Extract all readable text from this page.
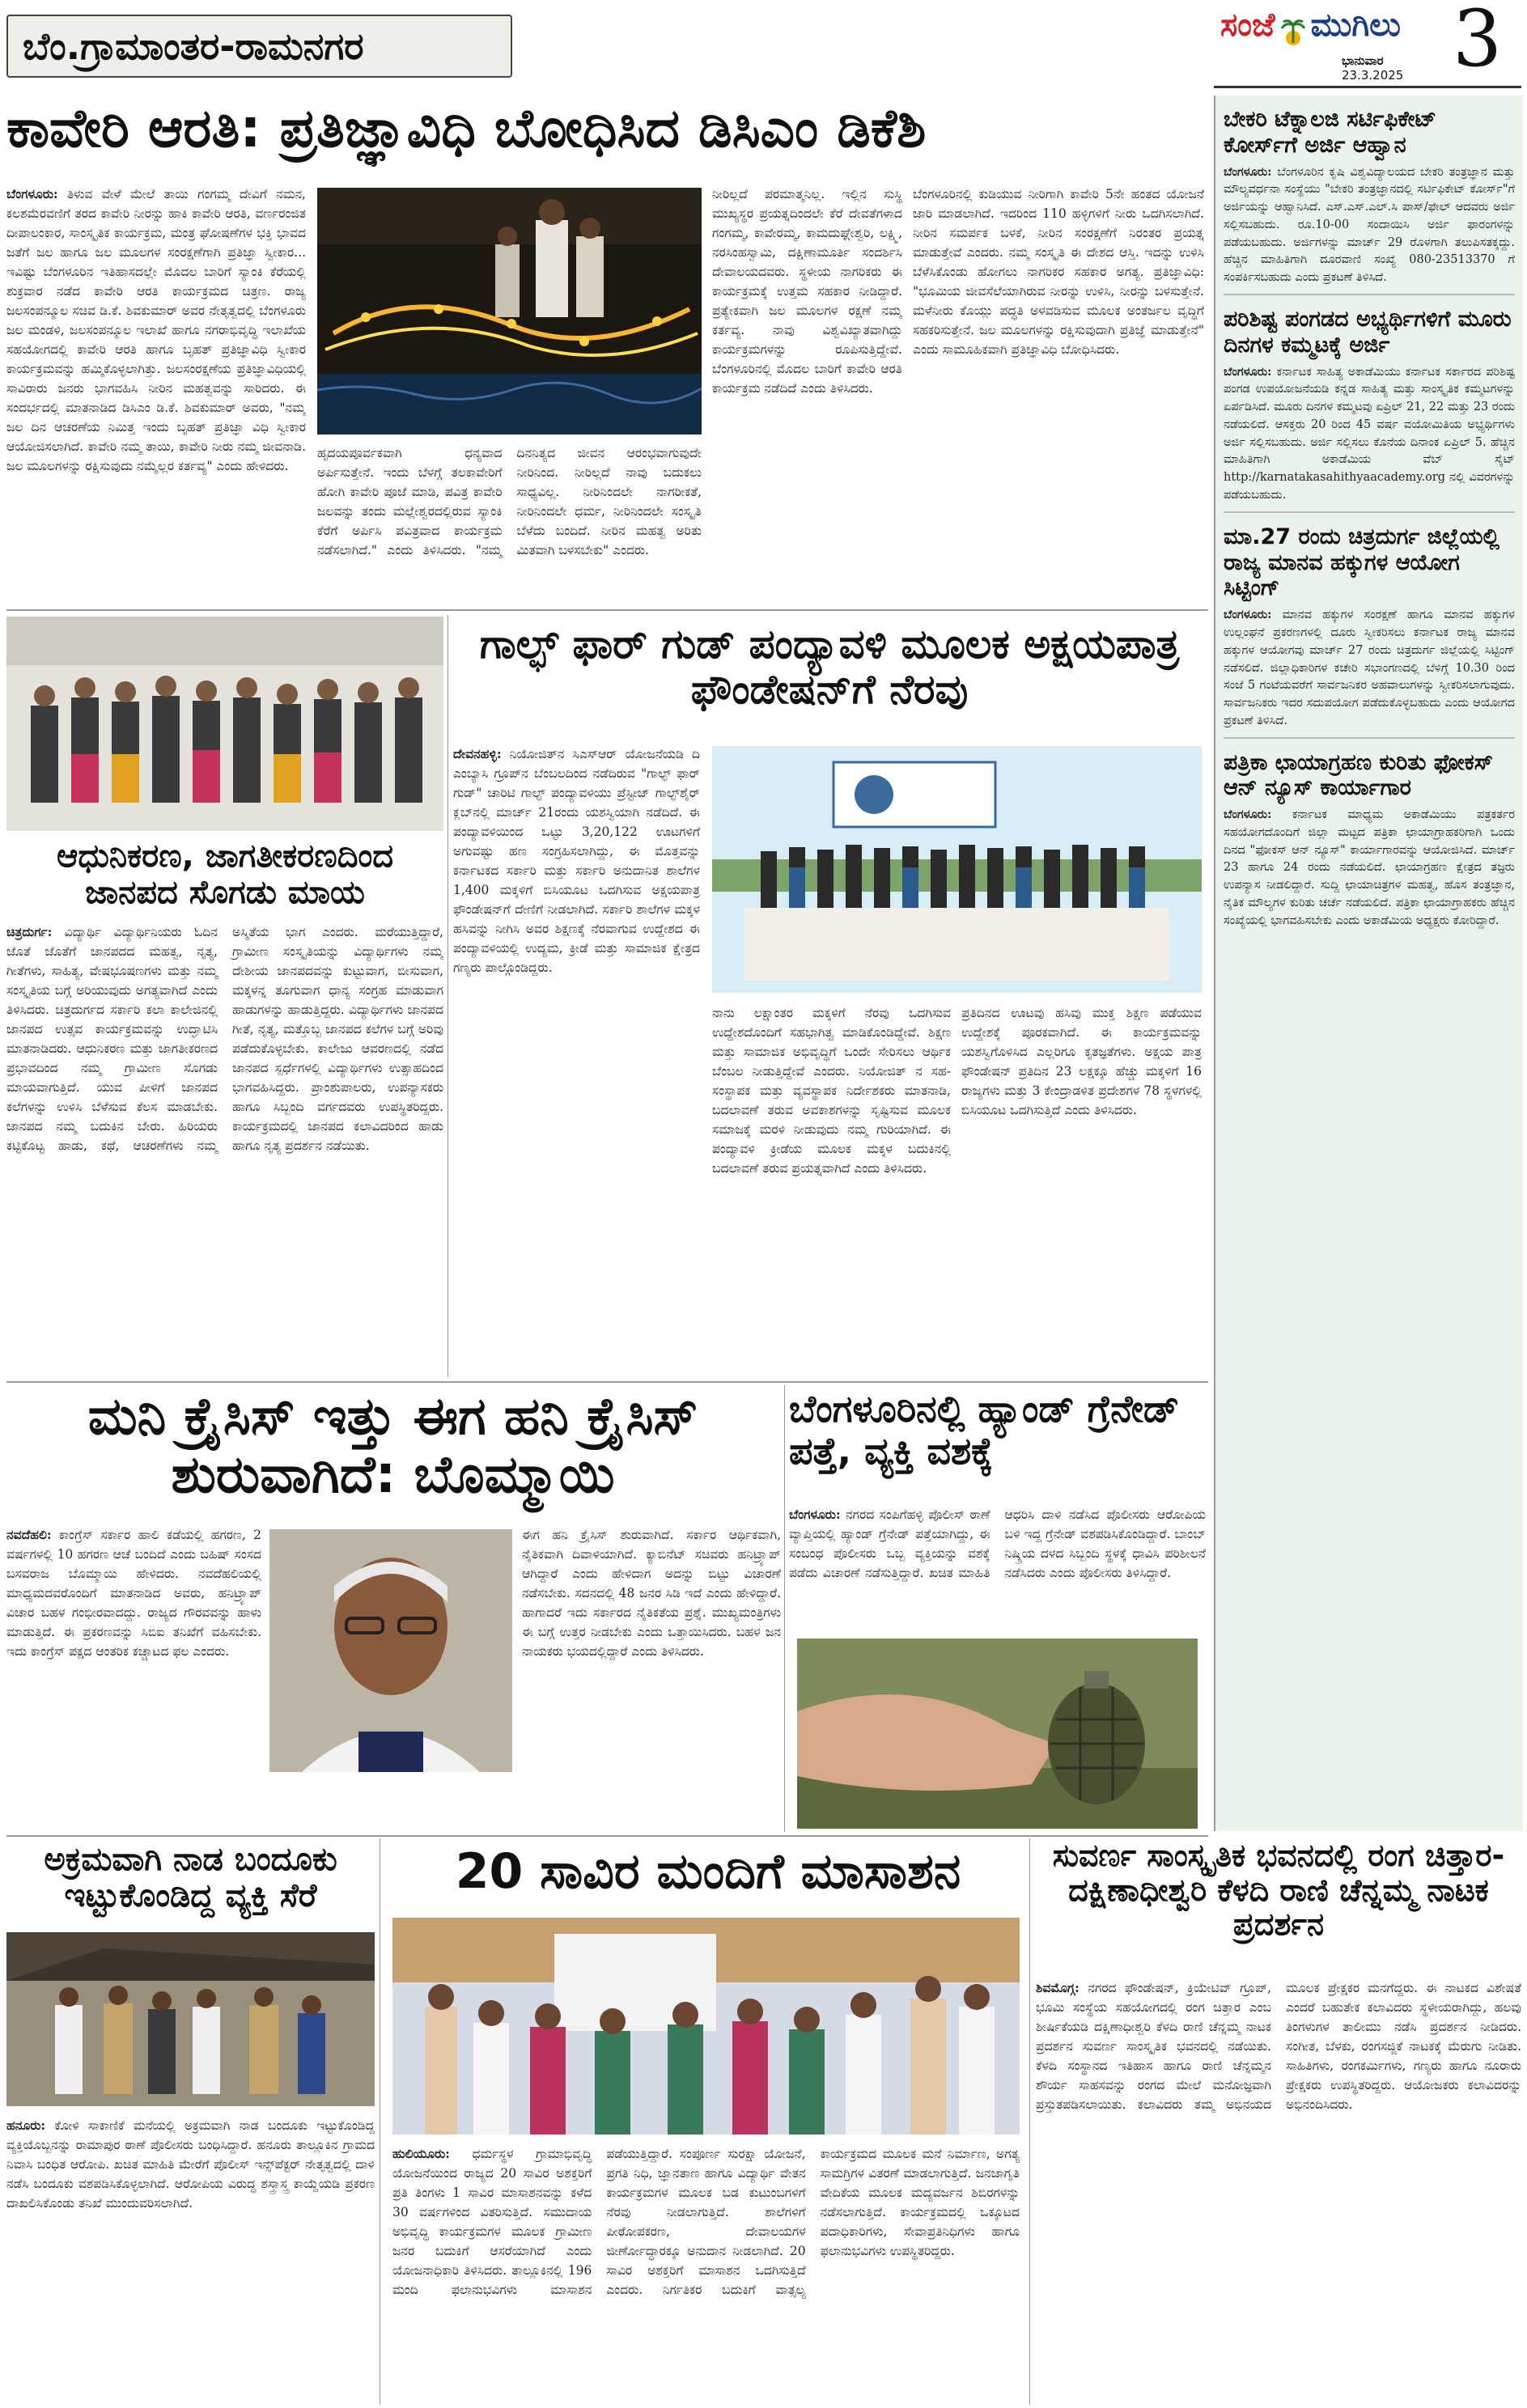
ಬೆಂ.ಗ್ರಾಮಾಂತರ-ರಾಮನಗರ	ಸಂಜೆ ಮುಗಿಲು
ಭಾನುವಾರ
23.3.2025 3
ಕಾವೇರಿ ಆರತಿ: ಪ್ರತಿಜ್ಞಾವಿಧಿ ಬೋಧಿಸಿದ ಡಿಸಿಎಂ ಡಿಕೆಶಿ
ಬೆಂಗಳೂರು: ತಿಳುವ ವೇಳೆ ಮೇಲೆ ತಾಯಿ ಗಂಗಮ್ಮ ದೇವಿಗೆ ನಮನ, ಕಲಶಮೆರವಣಿಗೆ ತರದ ಕಾವೇರಿ ನೀರನ್ನು ಹಾಕಿ ಕಾವೇರಿ ಆರತಿ, ವರ್ಣರಂಜಿತ ದೀಪಾಲಂಕಾರ, ಸಾಂಸ್ಕೃತಿಕ ಕಾರ್ಯಕ್ರಮ, ಮಂತ್ರ ಘೋಷಣೆಗಳ ಭಕ್ತಿ ಭಾವದ ಜತೆಗೆ ಜಲ ಹಾಗೂ ಜಲ ಮೂಲಗಳ ಸಂರಕ್ಷಣೆಗಾಗಿ ಪ್ರತಿಜ್ಞಾ ಸ್ವೀಕಾರ... ಇವಿಷ್ಟು ಬೆಂಗಳೂರಿನ ಇತಿಹಾಸದಲ್ಲೇ ಮೊದಲ ಬಾರಿಗೆ ಸ್ಯಾಂಕಿ ಕೆರೆಯಲ್ಲಿ ಶುಕ್ರವಾರ ನಡೆದ ಕಾವೇರಿ ಆರತಿ ಕಾರ್ಯಕ್ರಮದ ಚಿತ್ರಣ. ರಾಜ್ಯ ಜಲಸಂಪನ್ಮೂಲ ಸಚಿವ ಡಿ.ಕೆ. ಶಿವಕುಮಾರ್ ಅವರ ನೇತೃತ್ವದಲ್ಲಿ ಬೆಂಗಳೂರು ಜಲ ಮಂಡಳಿ, ಜಲಸಂಪನ್ಮೂಲ ಇಲಾಖೆ ಹಾಗೂ ನಗರಾಭಿವೃದ್ಧಿ ಇಲಾಖೆಯ ಸಹಯೋಗದಲ್ಲಿ ಕಾವೇರಿ ಆರತಿ ಹಾಗೂ ಬೃಹತ್ ಪ್ರತಿಜ್ಞಾವಿಧಿ ಸ್ವೀಕಾರ ಕಾರ್ಯಕ್ರಮವನ್ನು ಹಮ್ಮಿಕೊಳ್ಳಲಾಗಿತ್ತು. ಜಲಸಂರಕ್ಷಣೆಯ ಪ್ರತಿಜ್ಞಾವಿಧಿಯಲ್ಲಿ ಸಾವಿರಾರು ಜನರು ಭಾಗವಹಿಸಿ ನೀರಿನ ಮಹತ್ವವನ್ನು ಸಾರಿದರು. ಈ ಸಂದರ್ಭದಲ್ಲಿ ಮಾತನಾಡಿದ ಡಿಸಿಎಂ ಡಿ.ಕೆ. ಶಿವಕುಮಾರ್ ಅವರು, "ನಮ್ಮ ಜಲ ದಿನ ಆಚರಣೆಯ ನಿಮಿತ್ತ ಇಂದು ಬೃಹತ್ ಪ್ರತಿಜ್ಞಾ ವಿಧಿ ಸ್ವೀಕಾರ ಆಯೋಜಿಸಲಾಗಿದೆ. ಕಾವೇರಿ ನಮ್ಮ ತಾಯಿ, ಕಾವೇರಿ ನೀರು ನಮ್ಮ ಜೀವನಾಡಿ. ಜಲ ಮೂಲಗಳನ್ನು ರಕ್ಷಿಸುವುದು ನಮ್ಮೆಲ್ಲರ ಕರ್ತವ್ಯ" ಎಂದು ಹೇಳಿದರು.
ಹೃದಯಪೂರ್ವಕವಾಗಿ ಧನ್ಯವಾದ ಅರ್ಪಿಸುತ್ತೇನೆ. ಇಂದು ಬೆಳಗ್ಗೆ ತಲಕಾವೇರಿಗೆ ಹೋಗಿ ಕಾವೇರಿ ಪೂಜೆ ಮಾಡಿ, ಪವಿತ್ರ ಕಾವೇರಿ ಜಲವನ್ನು ತಂದು ಮಲ್ಲೇಶ್ವರದಲ್ಲಿರುವ ಸ್ಯಾಂಕಿ ಕೆರೆಗೆ ಅರ್ಪಿಸಿ ಪವಿತ್ರವಾದ ಕಾರ್ಯಕ್ರಮ ನಡೆಸಲಾಗಿದೆ." ಎಂದು ತಿಳಿಸಿದರು. "ನಮ್ಮ ದಿನನಿತ್ಯದ ಜೀವನ ಆರಂಭವಾಗುವುದೇ ನೀರಿನಿಂದ. ನೀರಿಲ್ಲದೆ ನಾವು ಬದುಕಲು ಸಾಧ್ಯವಿಲ್ಲ. ನೀರಿನಿಂದಲೇ ನಾಗರೀಕತೆ, ನೀರಿನಿಂದಲೇ ಧರ್ಮ, ನೀರಿನಿಂದಲೇ ಸಂಸ್ಕೃತಿ ಬೆಳೆದು ಬಂದಿದೆ. ನೀರಿನ ಮಹತ್ವ ಅರಿತು ಮಿತವಾಗಿ ಬಳಸಬೇಕು" ಎಂದರು.
ನೀರಿಲ್ಲದೆ ಪರಮಾತ್ಮನಿಲ್ಲ. ಇಲ್ಲಿನ ಸುಸ್ಥಿ ಮುಖ್ಯಸ್ಥರ ಪ್ರಯತ್ನದಿಂದಲೇ ಕೆರೆ ದೇವತೆಗಳಾದ ಗಂಗಮ್ಮ, ಕಾವೇರಮ್ಮ, ಕಾಮದುಘ್ಗೇಶ್ವರಿ, ಲಕ್ಷ್ಮಿ, ನರಸಿಂಹಸ್ವಾಮಿ, ದಕ್ಷಿಣಾಮೂರ್ತಿ ಸಂದರ್ಶಿಸಿ ದೇವಾಲಯದವರು. ಸ್ಥಳೀಯ ನಾಗರಿಕರು ಈ ಕಾರ್ಯಕ್ರಮಕ್ಕೆ ಉತ್ತಮ ಸಹಕಾರ ನೀಡಿದ್ದಾರೆ. ಪ್ರತ್ಯೇಕವಾಗಿ ಜಲ ಮೂಲಗಳ ರಕ್ಷಣೆ ನಮ್ಮ ಕರ್ತವ್ಯ. ನಾವು ವಿಶ್ವವಿಖ್ಯಾತವಾಗಿದ್ದು ಕಾರ್ಯಕ್ರಮಗಳನ್ನು ರೂಪಿಸುತ್ತಿದ್ದೇವೆ. ಬೆಂಗಳೂರಿನಲ್ಲಿ ಮೊದಲ ಬಾರಿಗೆ ಕಾವೇರಿ ಆರತಿ ಕಾರ್ಯಕ್ರಮ ನಡೆದಿದೆ ಎಂದು ತಿಳಿಸಿದರು.
ಬೆಂಗಳೂರಿನಲ್ಲಿ ಕುಡಿಯುವ ನೀರಿಗಾಗಿ ಕಾವೇರಿ 5ನೇ ಹಂತದ ಯೋಜನೆ ಜಾರಿ ಮಾಡಲಾಗಿದೆ. ಇದರಿಂದ 110 ಹಳ್ಳಿಗಳಿಗೆ ನೀರು ಒದಗಿಸಲಾಗಿದೆ. ನೀರಿನ ಸಮರ್ಪಕ ಬಳಕೆ, ನೀರಿನ ಸಂರಕ್ಷಣೆಗೆ ನಿರಂತರ ಪ್ರಯತ್ನ ಮಾಡುತ್ತೇವೆ ಎಂದರು. ನಮ್ಮ ಸಂಸ್ಕೃತಿ ಈ ದೇಶದ ಆಸ್ತಿ. ಇದನ್ನು ಉಳಿಸಿ ಬೆಳೆಸಿಕೊಂಡು ಹೋಗಲು ನಾಗರಿಕರ ಸಹಕಾರ ಅಗತ್ಯ. ಪ್ರತಿಜ್ಞಾವಿಧಿ: "ಭೂಮಿಯ ಜೀವಸೆಲೆಯಾಗಿರುವ ನೀರನ್ನು ಉಳಿಸಿ, ನೀರನ್ನು ಬಳಸುತ್ತೇನೆ. ಮಳೆನೀರು ಕೊಯ್ಲು ಪದ್ಧತಿ ಅಳವಡಿಸುವ ಮೂಲಕ ಅಂತರ್ಜಲ ವೃದ್ಧಿಗೆ ಸಹಕರಿಸುತ್ತೇನೆ. ಜಲ ಮೂಲಗಳನ್ನು ರಕ್ಷಿಸುವುದಾಗಿ ಪ್ರತಿಜ್ಞೆ ಮಾಡುತ್ತೇನೆ" ಎಂದು ಸಾಮೂಹಿಕವಾಗಿ ಪ್ರತಿಜ್ಞಾವಿಧಿ ಬೋಧಿಸಿದರು.
ಆಧುನಿಕರಣ, ಜಾಗತೀಕರಣದಿಂದ ಜಾನಪದ ಸೊಗಡು ಮಾಯ
ಚಿತ್ರದುರ್ಗ: ವಿದ್ಯಾರ್ಥಿ ವಿದ್ಯಾರ್ಥಿನಿಯರು ಓದಿನ ಜೊತೆ ಜೊತೆಗೆ ಜಾನಪದದ ಮಹತ್ವ, ನೃತ್ಯ, ಗೀತೆಗಳು, ಸಾಹಿತ್ಯ, ವೇಷಭೂಷಣಗಳು ಮತ್ತು ನಮ್ಮ ಸಂಸ್ಕೃತಿಯ ಬಗ್ಗೆ ಅರಿಯುವುದು ಅಗತ್ಯವಾಗಿದೆ ಎಂದು ತಿಳಿಸಿದರು. ಚಿತ್ರದುರ್ಗದ ಸರ್ಕಾರಿ ಕಲಾ ಕಾಲೇಜಿನಲ್ಲಿ ಜಾನಪದ ಉತ್ಸವ ಕಾರ್ಯಕ್ರಮವನ್ನು ಉದ್ಘಾಟಿಸಿ ಮಾತನಾಡಿದರು. ಆಧುನಿಕರಣ ಮತ್ತು ಜಾಗತೀಕರಣದ ಪ್ರಭಾವದಿಂದ ನಮ್ಮ ಗ್ರಾಮೀಣ ಸೊಗಡು ಮಾಯವಾಗುತ್ತಿದೆ. ಯುವ ಪೀಳಿಗೆ ಜಾನಪದ ಕಲೆಗಳನ್ನು ಉಳಿಸಿ ಬೆಳೆಸುವ ಕೆಲಸ ಮಾಡಬೇಕು. ಜಾನಪದ ನಮ್ಮ ಬದುಕಿನ ಬೇರು. ಹಿರಿಯರು ಕಟ್ಟಿಕೊಟ್ಟ ಹಾಡು, ಕಥೆ, ಆಚರಣೆಗಳು ನಮ್ಮ ಅಸ್ಮಿತೆಯ ಭಾಗ ಎಂದರು. ಮರೆಯುತ್ತಿದ್ದಾರೆ, ಗ್ರಾಮೀಣ ಸಂಸ್ಕೃತಿಯನ್ನು ವಿದ್ಯಾರ್ಥಿಗಳು ನಮ್ಮ ದೇಶೀಯ ಜಾನಪದವನ್ನು ಕುಟ್ಟುವಾಗ, ಬೀಸುವಾಗ, ಮಕ್ಕಳನ್ನ ತೂಗುವಾಗ ಧಾನ್ಯ ಸಂಗ್ರಹ ಮಾಡುವಾಗ ಹಾಡುಗಳನ್ನು ಹಾಡುತ್ತಿದ್ದರು. ವಿದ್ಯಾರ್ಥಿಗಳು ಜಾನಪದ ಗೀತೆ, ನೃತ್ಯ, ಮತ್ತೊಬ್ಬ ಜಾನಪದ ಕಲೆಗಳ ಬಗ್ಗೆ ಅರಿವು ಪಡೆದುಕೊಳ್ಳಬೇಕು. ಕಾಲೇಜು ಆವರಣದಲ್ಲಿ ನಡೆದ ಜಾನಪದ ಸ್ಪರ್ಧೆಗಳಲ್ಲಿ ವಿದ್ಯಾರ್ಥಿಗಳು ಉತ್ಸಾಹದಿಂದ ಭಾಗವಹಿಸಿದ್ದರು. ಪ್ರಾಂಶುಪಾಲರು, ಉಪನ್ಯಾಸಕರು ಹಾಗೂ ಸಿಬ್ಬಂದಿ ವರ್ಗದವರು ಉಪಸ್ಥಿತರಿದ್ದರು. ಕಾರ್ಯಕ್ರಮದಲ್ಲಿ ಜಾನಪದ ಕಲಾವಿದರಿಂದ ಹಾಡು ಹಾಗೂ ನೃತ್ಯ ಪ್ರದರ್ಶನ ನಡೆಯಿತು.
ಗಾಲ್ಫ್ ಫಾರ್ ಗುಡ್ ಪಂದ್ಯಾವಳಿ ಮೂಲಕ ಅಕ್ಷಯಪಾತ್ರ ಫೌಂಡೇಷನ್‌ಗೆ ನೆರವು
ದೇವನಹಳ್ಳಿ: ನಿಯೋಜಿತ್‌ನ ಸಿಎಸ್‌ಆರ್ ಯೋಜನೆಯಡಿ ದಿ ಎಂಬ್ಯಾಸಿ ಗ್ರೂಪ್‌ನ ಬೆಂಬಲದಿಂದ ನಡೆದಿರುವ "ಗಾಲ್ಫ್ ಫಾರ್ ಗುಡ್" ಚಾರಿಟಿ ಗಾಲ್ಫ್ ಪಂದ್ಯಾವಳಿಯು ಪ್ರೆಸ್ಟೀಜ್ ಗಾಲ್ಫ್‌ಶೈರ್ ಕ್ಲಬ್‌ನಲ್ಲಿ ಮಾರ್ಚ್ 21ರಂದು ಯಶಸ್ವಿಯಾಗಿ ನಡೆದಿದೆ. ಈ ಪಂದ್ಯಾವಳಿಯಿಂದ ಒಟ್ಟು 3,20,122 ಊಟಗಳಿಗೆ ಅಗುವಷ್ಟು ಹಣ ಸಂಗ್ರಹಿಸಲಾಗಿದ್ದು, ಈ ಮೊತ್ತವನ್ನು ಕರ್ನಾಟಕದ ಸರ್ಕಾರಿ ಮತ್ತು ಸರ್ಕಾರಿ ಅನುದಾನಿತ ಶಾಲೆಗಳ 1,400 ಮಕ್ಕಳಿಗೆ ಬಿಸಿಯೂಟ ಒದಗಿಸುವ ಅಕ್ಷಯಪಾತ್ರ ಫೌಂಡೇಷನ್‌ಗೆ ದೇಣಿಗೆ ನೀಡಲಾಗಿದೆ. ಸರ್ಕಾರಿ ಶಾಲೆಗಳ ಮಕ್ಕಳ ಹಸಿವನ್ನು ನೀಗಿಸಿ ಅವರ ಶಿಕ್ಷಣಕ್ಕೆ ನೆರವಾಗುವ ಉದ್ದೇಶದ ಈ ಪಂದ್ಯಾವಳಿಯಲ್ಲಿ ಉದ್ಯಮ, ಕ್ರೀಡೆ ಮತ್ತು ಸಾಮಾಜಿಕ ಕ್ಷೇತ್ರದ ಗಣ್ಯರು ಪಾಲ್ಗೊಂಡಿದ್ದರು.
ನಾನು ಲಕ್ಷಾಂತರ ಮಕ್ಕಳಿಗೆ ನೆರವು ಒದಗಿಸುವ ಉದ್ದೇಶದೊಂದಿಗೆ ಸಹಭಾಗಿತ್ವ ಮಾಡಿಕೊಂಡಿದ್ದೇವೆ. ಶಿಕ್ಷಣ ಮತ್ತು ಸಾಮಾಜಿಕ ಅಭಿವೃದ್ಧಿಗೆ ಒಂದೇ ಸೇರಿಸಲು ಆರ್ಥಿಕ ಬೆಂಬಲ ನೀಡುತ್ತಿದ್ದೇವೆ ಎಂದರು. ನಿಯೋಜಿತ್ ನ ಸಹ-ಸಂಸ್ಥಾಪಕ ಮತ್ತು ವ್ಯವಸ್ಥಾಪಕ ನಿರ್ದೇಶಕರು ಮಾತನಾಡಿ, ಬದಲಾವಣೆ ತರುವ ಅವಕಾಶಗಳನ್ನು ಸೃಷ್ಟಿಸುವ ಮೂಲಕ ಸಮಾಜಕ್ಕೆ ಮರಳಿ ನೀಡುವುದು ನಮ್ಮ ಗುರಿಯಾಗಿದೆ. ಈ ಪಂದ್ಯಾವಳಿ ಕ್ರೀಡೆಯ ಮೂಲಕ ಮಕ್ಕಳ ಬದುಕಿನಲ್ಲಿ ಬದಲಾವಣೆ ತರುವ ಪ್ರಯತ್ನವಾಗಿದೆ ಎಂದು ತಿಳಿಸಿದರು.
ಪ್ರತಿದಿನದ ಊಟವು ಹಸಿವು ಮುಕ್ತ ಶಿಕ್ಷಣ ಪಡೆಯುವ ಉದ್ದೇಶಕ್ಕೆ ಪೂರಕವಾಗಿದೆ. ಈ ಕಾರ್ಯಕ್ರಮವನ್ನು ಯಶಸ್ವಿಗೊಳಿಸಿದ ಎಲ್ಲರಿಗೂ ಕೃತಜ್ಞತೆಗಳು. ಅಕ್ಷಯ ಪಾತ್ರ ಫೌಂಡೇಷನ್ ಪ್ರತಿದಿನ 23 ಲಕ್ಷಕ್ಕೂ ಹೆಚ್ಚು ಮಕ್ಕಳಿಗೆ 16 ರಾಜ್ಯಗಳು ಮತ್ತು 3 ಕೇಂದ್ರಾಡಳಿತ ಪ್ರದೇಶಗಳ 78 ಸ್ಥಳಗಳಲ್ಲಿ ಬಿಸಿಯೂಟ ಒದಗಿಸುತ್ತಿದೆ ಎಂದು ತಿಳಿಸಿದರು.
ಮನಿ ಕ್ರೈಸಿಸ್ ಇತ್ತು ಈಗ ಹನಿ ಕ್ರೈಸಿಸ್ ಶುರುವಾಗಿದೆ: ಬೊಮ್ಮಾಯಿ
ನವದೆಹಲಿ: ಕಾಂಗ್ರೆಸ್ ಸರ್ಕಾರ ಹಾಲಿ ಕಡೆಯಲ್ಲಿ ಹಗರಣ, 2 ವರ್ಷಗಳಲ್ಲಿ 10 ಹಗರಣ ಆಚೆ ಬಂದಿದೆ ಎಂದು ಬಹಿಷ್ ಸಂಸದ ಬಸವರಾಜ ಬೊಮ್ಮಾಯಿ ಹೇಳಿದರು. ನವದೆಹಲಿಯಲ್ಲಿ ಮಾಧ್ಯಮದವರೊಂದಿಗೆ ಮಾತನಾಡಿದ ಅವರು, ಹನಿಟ್ರ್ಯಾಪ್ ವಿಚಾರ ಬಹಳ ಗಂಭೀರವಾದದ್ದು. ರಾಜ್ಯದ ಗೌರವವನ್ನು ಹಾಳು ಮಾಡುತ್ತಿದೆ. ಈ ಪ್ರಕರಣವನ್ನು ಸಿಬಿಐ ತನಿಖೆಗೆ ವಹಿಸಬೇಕು. ಇದು ಕಾಂಗ್ರೆಸ್ ಪಕ್ಷದ ಆಂತರಿಕ ಕಚ್ಚಾಟದ ಫಲ ಎಂದರು.
ಈಗ ಹನಿ ಕ್ರೈಸಿಸ್ ಶುರುವಾಗಿದೆ. ಸರ್ಕಾರ ಆರ್ಥಿಕವಾಗಿ, ನೈತಿಕವಾಗಿ ದಿವಾಳಿಯಾಗಿದೆ. ಕ್ಯಾಬಿನೆಟ್ ಸಚಿವರು ಹನಿಟ್ರ್ಯಾಪ್ ಆಗಿದ್ದಾರೆ ಎಂದು ಹೇಳಿದಾಗ ಅದನ್ನು ಬಿಟ್ಟು ವಿಚಾರಣೆ ನಡೆಸಬೇಕು. ಸದನದಲ್ಲಿ 48 ಜನರ ಸಿಡಿ ಇದೆ ಎಂದು ಹೇಳಿದ್ದಾರೆ. ಹಾಗಾದರೆ ಇದು ಸರ್ಕಾರದ ನೈತಿಕತೆಯ ಪ್ರಶ್ನೆ. ಮುಖ್ಯಮಂತ್ರಿಗಳು ಈ ಬಗ್ಗೆ ಉತ್ತರ ನೀಡಬೇಕು ಎಂದು ಒತ್ತಾಯಿಸಿದರು. ಬಹಳ ಜನ ನಾಯಕರು ಭಯದಲ್ಲಿದ್ದಾರೆ ಎಂದು ತಿಳಿಸಿದರು.
ಬೆಂಗಳೂರಿನಲ್ಲಿ ಹ್ಯಾಂಡ್ ಗ್ರೆನೇಡ್ ಪತ್ತೆ, ವ್ಯಕ್ತಿ ವಶಕ್ಕೆ
ಬೆಂಗಳೂರು: ನಗರದ ಸಂಪಿಗೆಹಳ್ಳಿ ಪೊಲೀಸ್ ಠಾಣೆ ವ್ಯಾಪ್ತಿಯಲ್ಲಿ ಹ್ಯಾಂಡ್ ಗ್ರೆನೇಡ್ ಪತ್ತೆಯಾಗಿದ್ದು, ಈ ಸಂಬಂಧ ಪೊಲೀಸರು ಒಬ್ಬ ವ್ಯಕ್ತಿಯನ್ನು ವಶಕ್ಕೆ ಪಡೆದು ವಿಚಾರಣೆ ನಡೆಸುತ್ತಿದ್ದಾರೆ. ಖಚಿತ ಮಾಹಿತಿ ಆಧರಿಸಿ ದಾಳಿ ನಡೆಸಿದ ಪೊಲೀಸರು ಆರೋಪಿಯ ಬಳಿ ಇದ್ದ ಗ್ರೆನೇಡ್ ವಶಪಡಿಸಿಕೊಂಡಿದ್ದಾರೆ. ಬಾಂಬ್ ನಿಷ್ಕ್ರಿಯ ದಳದ ಸಿಬ್ಬಂದಿ ಸ್ಥಳಕ್ಕೆ ಧಾವಿಸಿ ಪರಿಶೀಲನೆ ನಡೆಸಿದರು ಎಂದು ಪೊಲೀಸರು ತಿಳಿಸಿದ್ದಾರೆ.
ಅಕ್ರಮವಾಗಿ ನಾಡ ಬಂದೂಕು ಇಟ್ಟುಕೊಂಡಿದ್ದ ವ್ಯಕ್ತಿ ಸೆರೆ
ಹನೂರು: ಕೋಳಿ ಸಾಕಾಣಿಕೆ ಮನೆಯಲ್ಲಿ ಅಕ್ರಮವಾಗಿ ನಾಡ ಬಂದೂಕು ಇಟ್ಟುಕೊಂಡಿದ್ದ ವ್ಯಕ್ತಿಯೊಬ್ಬನನ್ನು ರಾಮಾಪುರ ಠಾಣೆ ಪೊಲೀಸರು ಬಂಧಿಸಿದ್ದಾರೆ. ಹನೂರು ತಾಲ್ಲೂಕಿನ ಗ್ರಾಮದ ನಿವಾಸಿ ಬಂಧಿತ ಆರೋಪಿ. ಖಚಿತ ಮಾಹಿತಿ ಮೇರೆಗೆ ಪೊಲೀಸ್ ಇನ್ಸ್‌ಪೆಕ್ಟರ್ ನೇತೃತ್ವದಲ್ಲಿ ದಾಳಿ ನಡೆಸಿ ಬಂದೂಕು ವಶಪಡಿಸಿಕೊಳ್ಳಲಾಗಿದೆ. ಆರೋಪಿಯ ವಿರುದ್ಧ ಶಸ್ತ್ರಾಸ್ತ್ರ ಕಾಯ್ದೆಯಡಿ ಪ್ರಕರಣ ದಾಖಲಿಸಿಕೊಂಡು ತನಿಖೆ ಮುಂದುವರಿಸಲಾಗಿದೆ.
20 ಸಾವಿರ ಮಂದಿಗೆ ಮಾಸಾಶನ
ಹುಲಿಯೂರು: ಧರ್ಮಸ್ಥಳ ಗ್ರಾಮಾಭಿವೃದ್ಧಿ ಯೋಜನೆಯಿಂದ ರಾಜ್ಯದ 20 ಸಾವಿರ ಅಶಕ್ತರಿಗೆ ಪ್ರತಿ ತಿಂಗಳು 1 ಸಾವಿರ ಮಾಸಾಶನವನ್ನು ಕಳೆದ 30 ವರ್ಷಗಳಿಂದ ವಿತರಿಸುತ್ತಿದೆ. ಸಮುದಾಯ ಅಭಿವೃದ್ಧಿ ಕಾರ್ಯಕ್ರಮಗಳ ಮೂಲಕ ಗ್ರಾಮೀಣ ಜನರ ಬದುಕಿಗೆ ಆಸರೆಯಾಗಿದೆ ಎಂದು ಯೋಜನಾಧಿಕಾರಿ ತಿಳಿಸಿದರು. ತಾಲ್ಲೂಕಿನಲ್ಲಿ 196 ಮಂದಿ ಫಲಾನುಭವಿಗಳು ಮಾಸಾಶನ ಪಡೆಯುತ್ತಿದ್ದಾರೆ. ಸಂಪೂರ್ಣ ಸುರಕ್ಷಾ ಯೋಜನೆ, ಪ್ರಗತಿ ನಿಧಿ, ಜ್ಞಾನತಾಣ ಹಾಗೂ ವಿದ್ಯಾರ್ಥಿ ವೇತನ ಕಾರ್ಯಕ್ರಮಗಳ ಮೂಲಕ ಬಡ ಕುಟುಂಬಗಳಿಗೆ ನೆರವು ನೀಡಲಾಗುತ್ತಿದೆ. ಶಾಲೆಗಳಿಗೆ ಪೀಠೋಪಕರಣ, ದೇವಾಲಯಗಳ ಜೀರ್ಣೋದ್ಧಾರಕ್ಕೂ ಅನುದಾನ ನೀಡಲಾಗಿದೆ. 20 ಸಾವಿರ ಅಶಕ್ತರಿಗೆ ಮಾಸಾಶನ ಒದಗಿಸುತ್ತಿದೆ ಎಂದರು. ನಿರ್ಗತಿಕರ ಬದುಕಿಗೆ ವಾತ್ಸಲ್ಯ ಕಾರ್ಯಕ್ರಮದ ಮೂಲಕ ಮನೆ ನಿರ್ಮಾಣ, ಅಗತ್ಯ ಸಾಮಗ್ರಿಗಳ ವಿತರಣೆ ಮಾಡಲಾಗುತ್ತಿದೆ. ಜನಜಾಗೃತಿ ವೇದಿಕೆಯ ಮೂಲಕ ಮದ್ಯವರ್ಜನ ಶಿಬಿರಗಳನ್ನು ನಡೆಸಲಾಗುತ್ತಿದೆ. ಕಾರ್ಯಕ್ರಮದಲ್ಲಿ ಒಕ್ಕೂಟದ ಪದಾಧಿಕಾರಿಗಳು, ಸೇವಾಪ್ರತಿನಿಧಿಗಳು ಹಾಗೂ ಫಲಾನುಭವಿಗಳು ಉಪಸ್ಥಿತರಿದ್ದರು.
ಸುವರ್ಣ ಸಾಂಸ್ಕೃತಿಕ ಭವನದಲ್ಲಿ ರಂಗ ಚಿತ್ತಾರ-ದಕ್ಷಿಣಾಧೀಶ್ವರಿ ಕೆಳದಿ ರಾಣಿ ಚೆನ್ನಮ್ಮ ನಾಟಕ ಪ್ರದರ್ಶನ
ಶಿವಮೊಗ್ಗ: ನಗರದ ಫೌಂಡೇಷನ್, ಕ್ರಿಯೇಟಿವ್ ಗ್ರೂಪ್, ಭೂಮಿ ಸಂಸ್ಥೆಯ ಸಹಯೋಗದಲ್ಲಿ ರಂಗ ಚಿತ್ತಾರ ಎಂಬ ಶೀರ್ಷಿಕೆಯಡಿ ದಕ್ಷಿಣಾಧೀಶ್ವರಿ ಕೆಳದಿ ರಾಣಿ ಚೆನ್ನಮ್ಮ ನಾಟಕ ಪ್ರದರ್ಶನ ಸುವರ್ಣ ಸಾಂಸ್ಕೃತಿಕ ಭವನದಲ್ಲಿ ನಡೆಯಿತು. ಕೆಳದಿ ಸಂಸ್ಥಾನದ ಇತಿಹಾಸ ಹಾಗೂ ರಾಣಿ ಚೆನ್ನಮ್ಮನ ಶೌರ್ಯ ಸಾಹಸವನ್ನು ರಂಗದ ಮೇಲೆ ಮನೋಜ್ಞವಾಗಿ ಪ್ರಸ್ತುತಪಡಿಸಲಾಯಿತು. ಕಲಾವಿದರು ತಮ್ಮ ಅಭಿನಯದ ಮೂಲಕ ಪ್ರೇಕ್ಷಕರ ಮನಗೆದ್ದರು. ಈ ನಾಟಕದ ವಿಶೇಷತೆ ಎಂದರೆ ಬಹುತೇಕ ಕಲಾವಿದರು ಸ್ಥಳೀಯರಾಗಿದ್ದು, ಹಲವು ತಿಂಗಳುಗಳ ತಾಲೀಮು ನಡೆಸಿ ಪ್ರದರ್ಶನ ನೀಡಿದರು. ಸಂಗೀತ, ಬೆಳಕು, ರಂಗಸಜ್ಜಿಕೆ ನಾಟಕಕ್ಕೆ ಮೆರುಗು ನೀಡಿತು. ಸಾಹಿತಿಗಳು, ರಂಗಕರ್ಮಿಗಳು, ಗಣ್ಯರು ಹಾಗೂ ನೂರಾರು ಪ್ರೇಕ್ಷಕರು ಉಪಸ್ಥಿತರಿದ್ದರು. ಆಯೋಜಕರು ಕಲಾವಿದರನ್ನು ಅಭಿನಂದಿಸಿದರು.
ಬೇಕರಿ ಟೆಕ್ನಾಲಜಿ ಸರ್ಟಿಫಿಕೇಟ್ ಕೋರ್ಸ್‌ಗೆ ಅರ್ಜಿ ಆಹ್ವಾನ
ಬೆಂಗಳೂರು: ಬೆಂಗಳೂರಿನ ಕೃಷಿ ವಿಶ್ವವಿದ್ಯಾಲಯದ ಬೇಕರಿ ತಂತ್ರಜ್ಞಾನ ಮತ್ತು ಮೌಲ್ಯವರ್ಧನಾ ಸಂಸ್ಥೆಯು "ಬೇಕರಿ ತಂತ್ರಜ್ಞಾನದಲ್ಲಿ ಸರ್ಟಿಫಿಕೇಟ್ ಕೋರ್ಸ್"ಗೆ ಅರ್ಜಿಯನ್ನು ಆಹ್ವಾನಿಸಿದೆ. ಎಸ್.ಎಸ್.ಎಲ್.ಸಿ ಪಾಸ್/ಫೇಲ್ ಆದವರು ಅರ್ಜಿ ಸಲ್ಲಿಸಬಹುದು. ರೂ.10-00 ಸಂದಾಯಿಸಿ ಅರ್ಜಿ ಫಾರಂಗಳನ್ನು ಪಡೆಯಬಹುದು. ಅರ್ಜಿಗಳನ್ನು ಮಾರ್ಚ್ 29 ರೊಳಗಾಗಿ ತಲುಪಿಸತಕ್ಕದ್ದು. ಹೆಚ್ಚಿನ ಮಾಹಿತಿಗಾಗಿ ದೂರವಾಣಿ ಸಂಖ್ಯೆ 080-23513370 ಗೆ ಸಂಪರ್ಕಿಸಬಹುದು ಎಂದು ಪ್ರಕಟಣೆ ತಿಳಿಸಿದೆ.
ಪರಿಶಿಷ್ಟ ಪಂಗಡದ ಅಭ್ಯರ್ಥಿಗಳಿಗೆ ಮೂರು ದಿನಗಳ ಕಮ್ಮಟಕ್ಕೆ ಅರ್ಜಿ
ಬೆಂಗಳೂರು: ಕರ್ನಾಟಕ ಸಾಹಿತ್ಯ ಅಕಾಡೆಮಿಯು ಕರ್ನಾಟಕ ಸರ್ಕಾರದ ಪರಿಶಿಷ್ಟ ಪಂಗಡ ಉಪಯೋಜನೆಯಡಿ ಕನ್ನಡ ಸಾಹಿತ್ಯ ಮತ್ತು ಸಾಂಸ್ಕೃತಿಕ ಕಮ್ಮಟಗಳನ್ನು ಏರ್ಪಡಿಸಿದೆ. ಮೂರು ದಿನಗಳ ಕಮ್ಮಟವು ಏಪ್ರಿಲ್ 21, 22 ಮತ್ತು 23 ರಂದು ನಡೆಯಲಿದೆ. ಆಸಕ್ತರು 20 ರಿಂದ 45 ವರ್ಷ ವಯೋಮಿತಿಯ ಅಭ್ಯರ್ಥಿಗಳು ಅರ್ಜಿ ಸಲ್ಲಿಸಬಹುದು. ಅರ್ಜಿ ಸಲ್ಲಿಸಲು ಕೊನೆಯ ದಿನಾಂಕ ಏಪ್ರಿಲ್ 5. ಹೆಚ್ಚಿನ ಮಾಹಿತಿಗಾಗಿ ಅಕಾಡೆಮಿಯ ವೆಬ್ ಸೈಟ್ http://karnatakasahithyaacademy.org ನಲ್ಲಿ ವಿವರಗಳನ್ನು ಪಡೆಯಬಹುದು.
ಮಾ.27 ರಂದು ಚಿತ್ರದುರ್ಗ ಜಿಲ್ಲೆಯಲ್ಲಿ ರಾಜ್ಯ ಮಾನವ ಹಕ್ಕುಗಳ ಆಯೋಗ ಸಿಟ್ಟಿಂಗ್
ಬೆಂಗಳೂರು: ಮಾನವ ಹಕ್ಕುಗಳ ಸಂರಕ್ಷಣೆ ಹಾಗೂ ಮಾನವ ಹಕ್ಕುಗಳ ಉಲ್ಲಂಘನೆ ಪ್ರಕರಣಗಳಲ್ಲಿ ದೂರು ಸ್ವೀಕರಿಸಲು ಕರ್ನಾಟಕ ರಾಜ್ಯ ಮಾನವ ಹಕ್ಕುಗಳ ಆಯೋಗವು ಮಾರ್ಚ್ 27 ರಂದು ಚಿತ್ರದುರ್ಗ ಜಿಲ್ಲೆಯಲ್ಲಿ ಸಿಟ್ಟಿಂಗ್ ನಡೆಸಲಿದೆ. ಜಿಲ್ಲಾಧಿಕಾರಿಗಳ ಕಚೇರಿ ಸಭಾಂಗಣದಲ್ಲಿ ಬೆಳಿಗ್ಗೆ 10.30 ರಿಂದ ಸಂಜೆ 5 ಗಂಟೆಯವರೆಗೆ ಸಾರ್ವಜನಿಕರ ಅಹವಾಲುಗಳನ್ನು ಸ್ವೀಕರಿಸಲಾಗುವುದು. ಸಾರ್ವಜನಿಕರು ಇದರ ಸದುಪಯೋಗ ಪಡೆದುಕೊಳ್ಳಬಹುದು ಎಂದು ಆಯೋಗದ ಪ್ರಕಟಣೆ ತಿಳಿಸಿದೆ.
ಪತ್ರಿಕಾ ಛಾಯಾಗ್ರಹಣ ಕುರಿತು ಫೋಕಸ್ ಆನ್ ನ್ಯೂಸ್ ಕಾರ್ಯಾಗಾರ
ಬೆಂಗಳೂರು: ಕರ್ನಾಟಕ ಮಾಧ್ಯಮ ಅಕಾಡೆಮಿಯು ಪತ್ರಕರ್ತರ ಸಹಯೋಗದೊಂದಿಗೆ ಜಿಲ್ಲಾ ಮಟ್ಟದ ಪತ್ರಿಕಾ ಛಾಯಾಗ್ರಾಹಕರಿಗಾಗಿ ಒಂದು ದಿನದ "ಫೋಕಸ್ ಆನ್ ನ್ಯೂಸ್" ಕಾರ್ಯಾಗಾರವನ್ನು ಆಯೋಜಿಸಿದೆ. ಮಾರ್ಚ್ 23 ಹಾಗೂ 24 ರಂದು ನಡೆಯಲಿದೆ. ಛಾಯಾಗ್ರಹಣ ಕ್ಷೇತ್ರದ ತಜ್ಞರು ಉಪನ್ಯಾಸ ನೀಡಲಿದ್ದಾರೆ. ಸುದ್ದಿ ಛಾಯಾಚಿತ್ರಗಳ ಮಹತ್ವ, ಹೊಸ ತಂತ್ರಜ್ಞಾನ, ನೈತಿಕ ಮೌಲ್ಯಗಳ ಕುರಿತು ಚರ್ಚೆ ನಡೆಯಲಿದೆ. ಪತ್ರಿಕಾ ಛಾಯಾಗ್ರಾಹಕರು ಹೆಚ್ಚಿನ ಸಂಖ್ಯೆಯಲ್ಲಿ ಭಾಗವಹಿಸಬೇಕು ಎಂದು ಅಕಾಡೆಮಿಯ ಅಧ್ಯಕ್ಷರು ಕೋರಿದ್ದಾರೆ.
